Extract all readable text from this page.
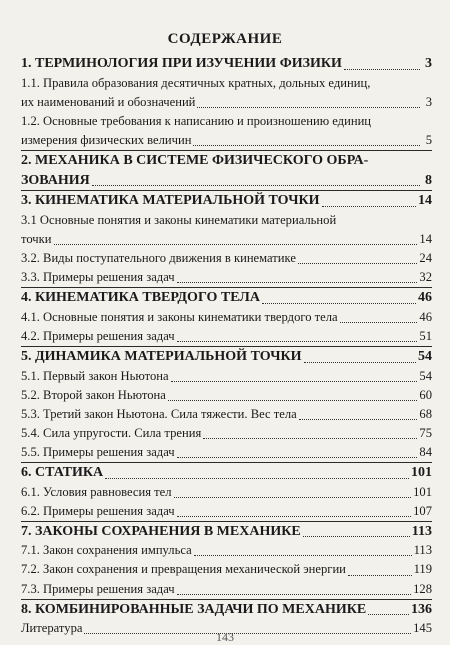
СОДЕРЖАНИЕ
1. ТЕРМИНОЛОГИЯ ПРИ ИЗУЧЕНИИ ФИЗИКИ	3
1.1. Правила образования десятичных кратных, дольных единиц,
их наименований и обозначений	3
1.2. Основные требования к написанию и произношению единиц
измерения физических величин	5
2. МЕХАНИКА В СИСТЕМЕ ФИЗИЧЕСКОГО ОБРА-
ЗОВАНИЯ	8
3. КИНЕМАТИКА МАТЕРИАЛЬНОЙ ТОЧКИ	14
3.1 Основные понятия и законы кинематики материальной
точки	14
3.2. Виды поступательного движения в кинематике	24
3.3. Примеры решения задач	32
4. КИНЕМАТИКА ТВЕРДОГО ТЕЛА	46
4.1. Основные понятия и законы кинематики твердого тела	46
4.2. Примеры решения задач	51
5. ДИНАМИКА МАТЕРИАЛЬНОЙ ТОЧКИ	54
5.1. Первый закон Ньютона	54
5.2. Второй закон Ньютона	60
5.3. Третий закон Ньютона. Сила тяжести. Вес тела	68
5.4. Сила упругости. Сила трения	75
5.5. Примеры решения задач	84
6. СТАТИКА	101
6.1. Условия равновесия тел	101
6.2. Примеры решения задач	107
7. ЗАКОНЫ СОХРАНЕНИЯ В МЕХАНИКЕ	113
7.1. Закон сохранения импульса	113
7.2. Закон сохранения и превращения механической энергии	119
7.3. Примеры решения задач	128
8. КОМБИНИРОВАННЫЕ ЗАДАЧИ ПО МЕХАНИКЕ	136
Литература	145
143
